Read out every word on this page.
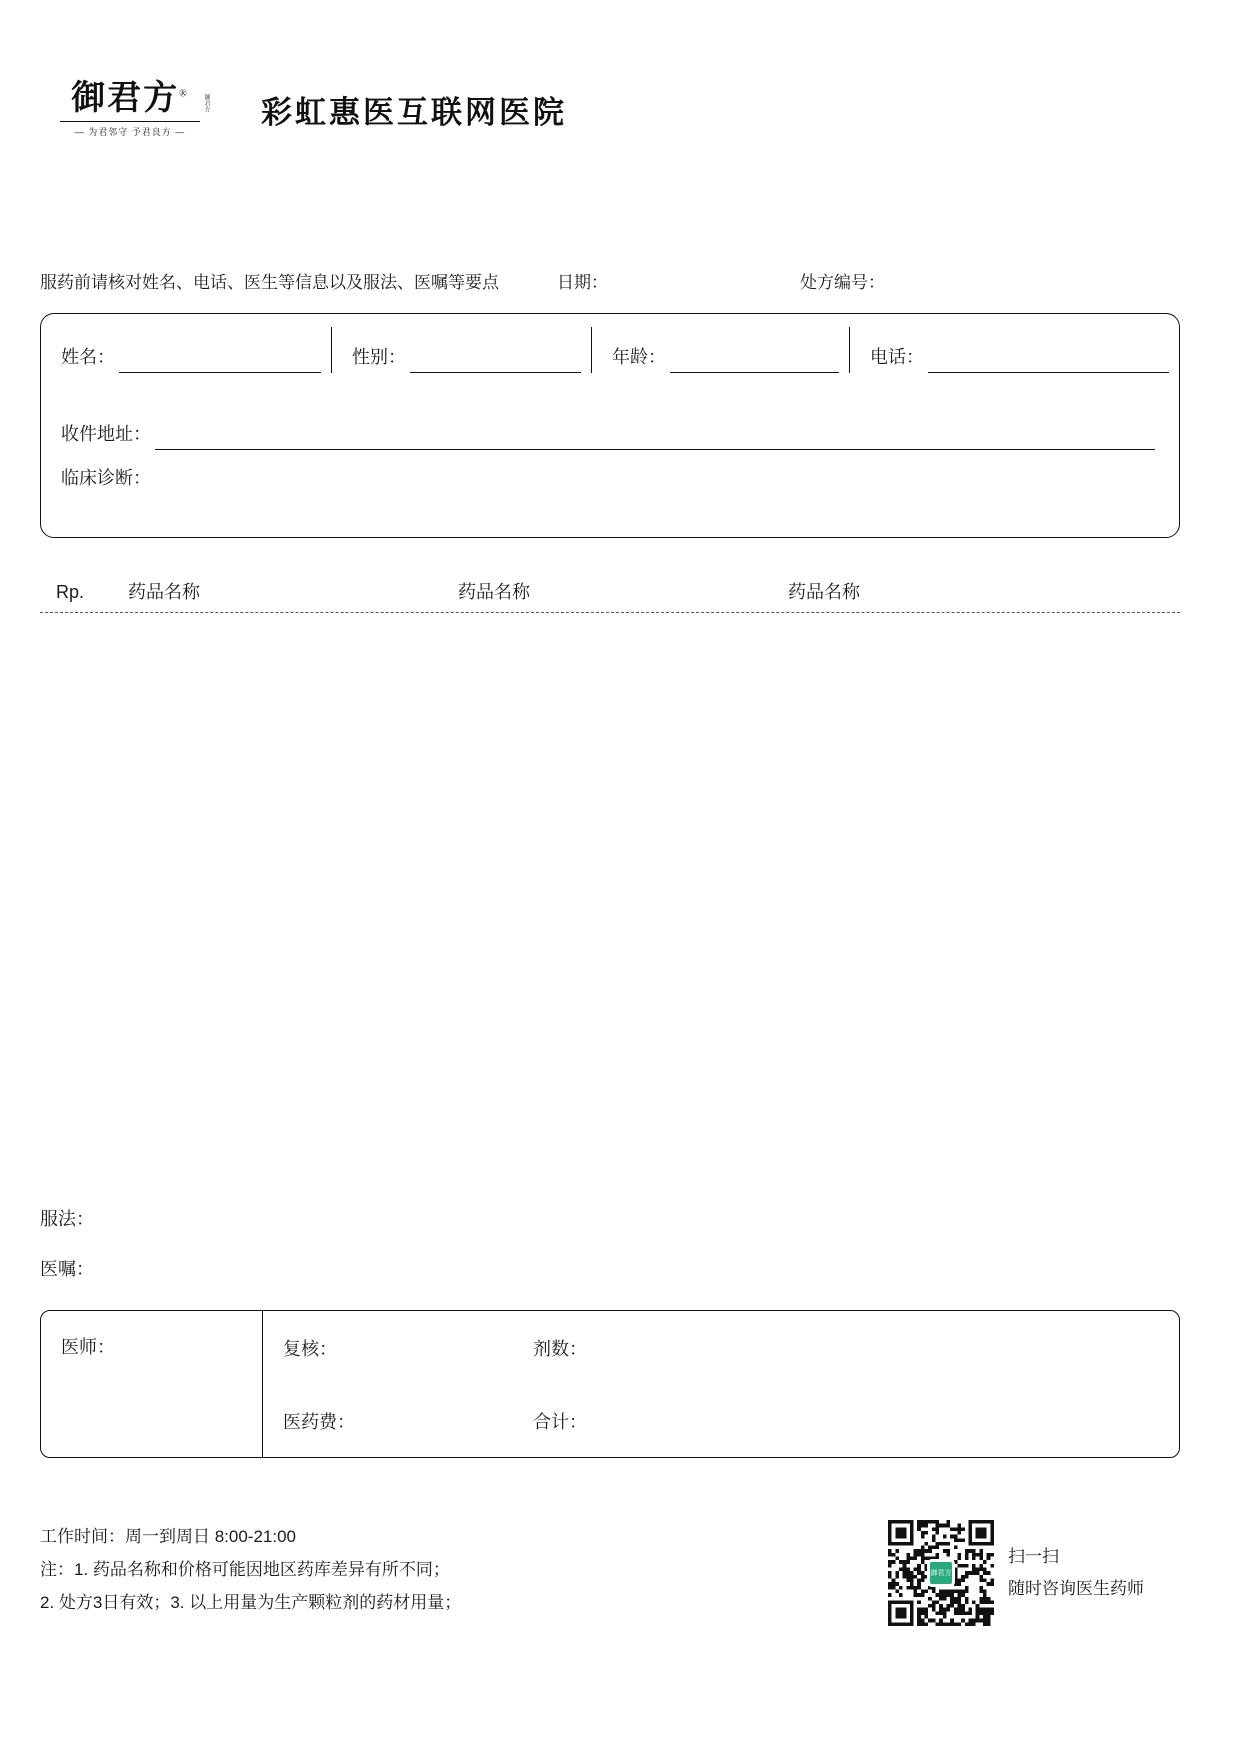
御君方®	御君方
— 为君邻守 予君良方 —
彩虹惠医互联网医院
服药前请核对姓名、电话、医生等信息以及服法、医嘱等要点	日期：	处方编号：
姓名：	性别：	年龄：	电话：
收件地址：
临床诊断：
Rp.	药品名称	药品名称	药品名称
服法：
医嘱：
医师：	复核：	剂数：
医药费：	合计：
工作时间：周一到周日 8:00-21:00
注：1. 药品名称和价格可能因地区药库差异有所不同；
2. 处方3日有效；3. 以上用量为生产颗粒剂的药材用量；
御君方
扫一扫
随时咨询医生药师
